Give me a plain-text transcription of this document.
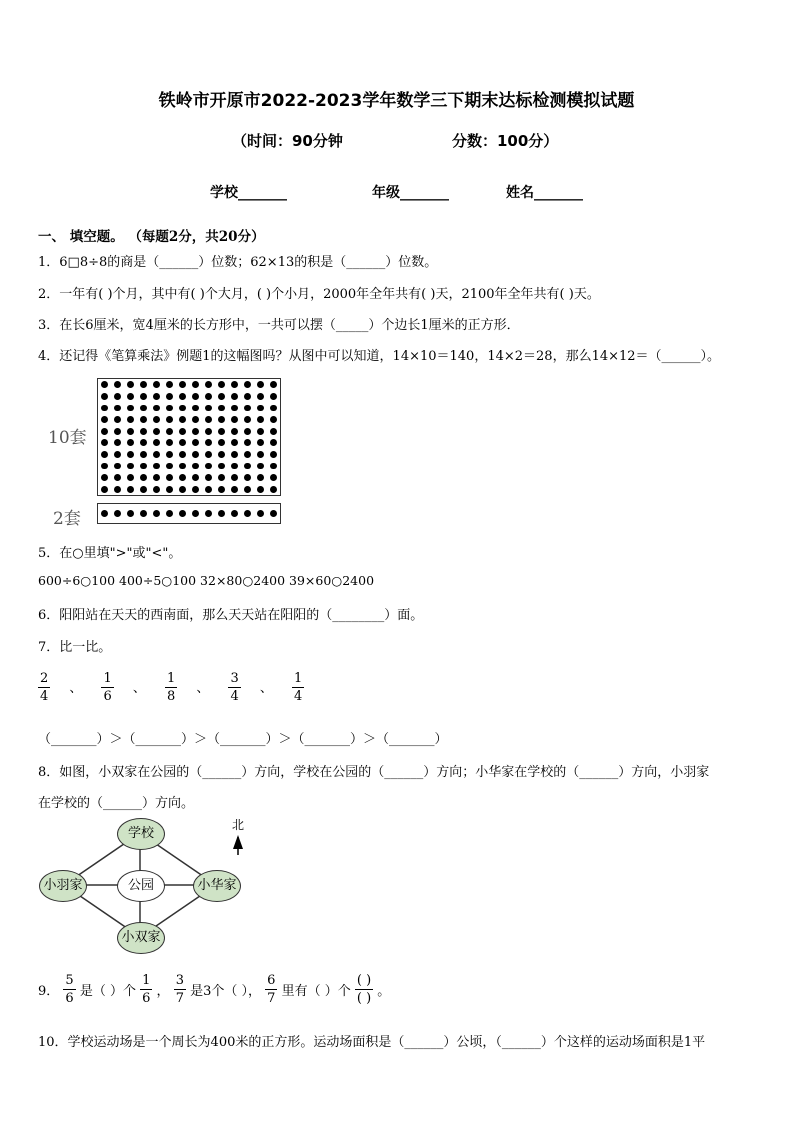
铁岭市开原市2022-2023学年数学三下期末达标检测模拟试题
（时间：90分钟	分数：100分）
学校_______	年级_______	姓名_______
一、 填空题。 （每题2分，共20分）
1．6□8÷8的商是（______）位数；62×13的积是（______）位数。
2．一年有( )个月，其中有( )个大月，( )个小月，2000年全年共有( )天，2100年全年共有( )天。
3．在长6厘米，宽4厘米的长方形中，一共可以摆（_____）个边长1厘米的正方形．
4．还记得《笔算乘法》例题1的这幅图吗？从图中可以知道，14×10＝140，14×2＝28，那么14×12＝（______）。
10套
2套
5．在○里填">"或"<"。
600÷6○100 400÷5○100 32×80○2400 39×60○2400
6．阳阳站在天天的西南面，那么天天站在阳阳的（________）面。
7．比一比。
$\frac{2}{4}$ 、 $\frac{1}{6}$ 、 $\frac{1}{8}$ 、 $\frac{3}{4}$ 、 $\frac{1}{4}$
（_______）＞（_______）＞（_______）＞（_______）＞（_______）
8．如图，小双家在公园的（______）方向，学校在公园的（______）方向；小华家在学校的（______）方向，小羽家
在学校的（______）方向。
北
学校
公园
小羽家	小华家
小双家
9． $\frac{5}{6}$ 是（ ）个 $\frac{1}{6}$ ， $\frac{3}{7}$ 是3个（ ）， $\frac{6}{7}$ 里有（ ）个 $\frac{( )}{( )}$ 。
10．学校运动场是一个周长为400米的正方形。运动场面积是（______）公顷，（______）个这样的运动场面积是1平
